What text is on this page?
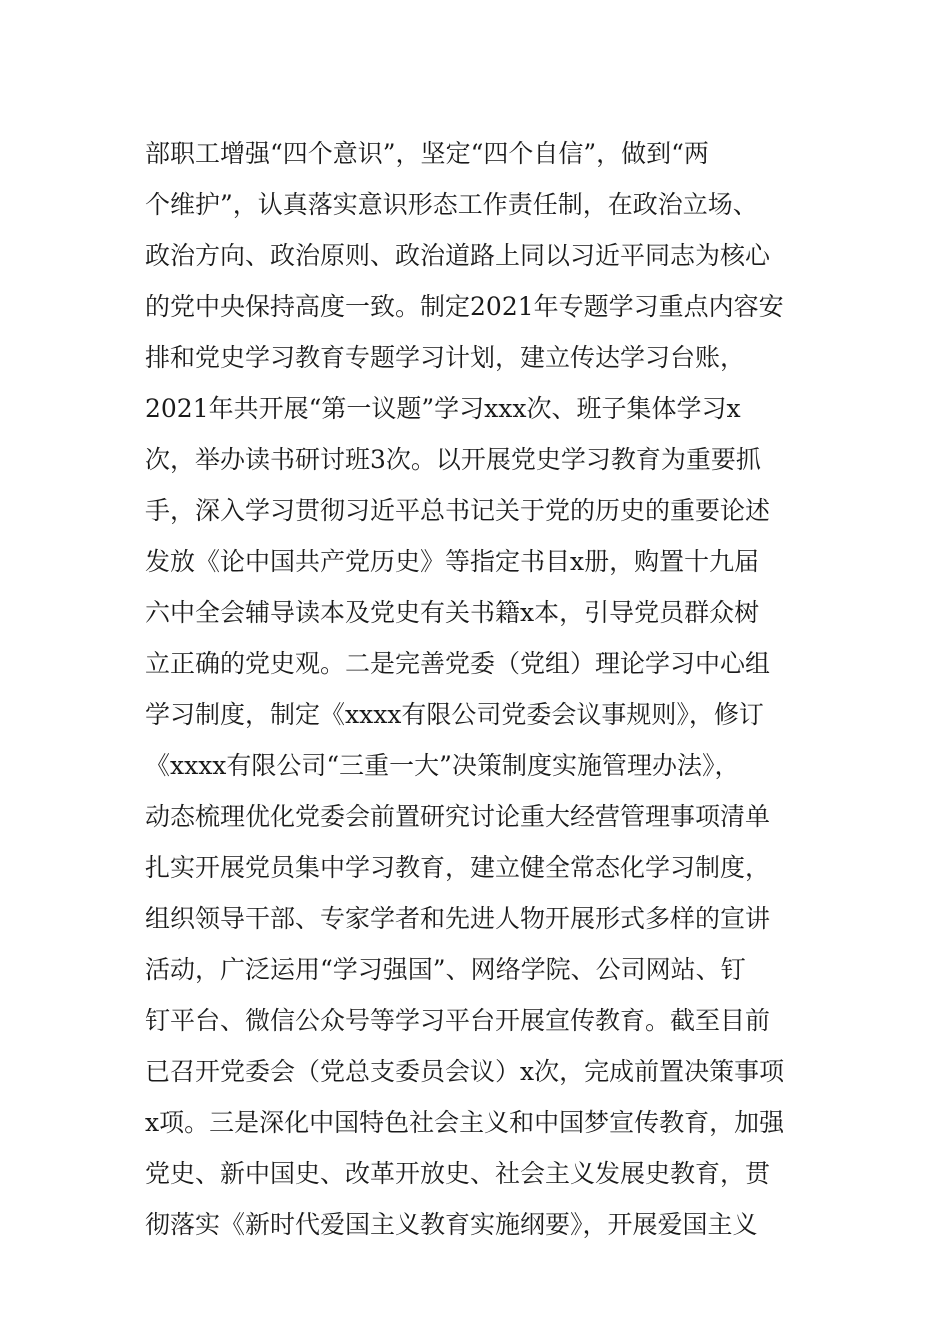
部职工增强“四个意识”，坚定“四个自信”，做到“两
个维护”，认真落实意识形态工作责任制，在政治立场、
政治方向、政治原则、政治道路上同以习近平同志为核心
的党中央保持高度一致。制定2021年专题学习重点内容安
排和党史学习教育专题学习计划，建立传达学习台账，
2021年共开展“第一议题”学习xxx次、班子集体学习x
次，举办读书研讨班3次。以开展党史学习教育为重要抓
手，深入学习贯彻习近平总书记关于党的历史的重要论述
发放《论中国共产党历史》等指定书目x册，购置十九届
六中全会辅导读本及党史有关书籍x本，引导党员群众树
立正确的党史观。二是完善党委（党组）理论学习中心组
学习制度，制定《xxxx有限公司党委会议事规则》，修订
《xxxx有限公司“三重一大”决策制度实施管理办法》，
动态梳理优化党委会前置研究讨论重大经营管理事项清单
扎实开展党员集中学习教育，建立健全常态化学习制度，
组织领导干部、专家学者和先进人物开展形式多样的宣讲
活动，广泛运用“学习强国”、网络学院、公司网站、钉
钉平台、微信公众号等学习平台开展宣传教育。截至目前
已召开党委会（党总支委员会议）x次，完成前置决策事项
x项。三是深化中国特色社会主义和中国梦宣传教育，加强
党史、新中国史、改革开放史、社会主义发展史教育，贯
彻落实《新时代爱国主义教育实施纲要》，开展爱国主义
